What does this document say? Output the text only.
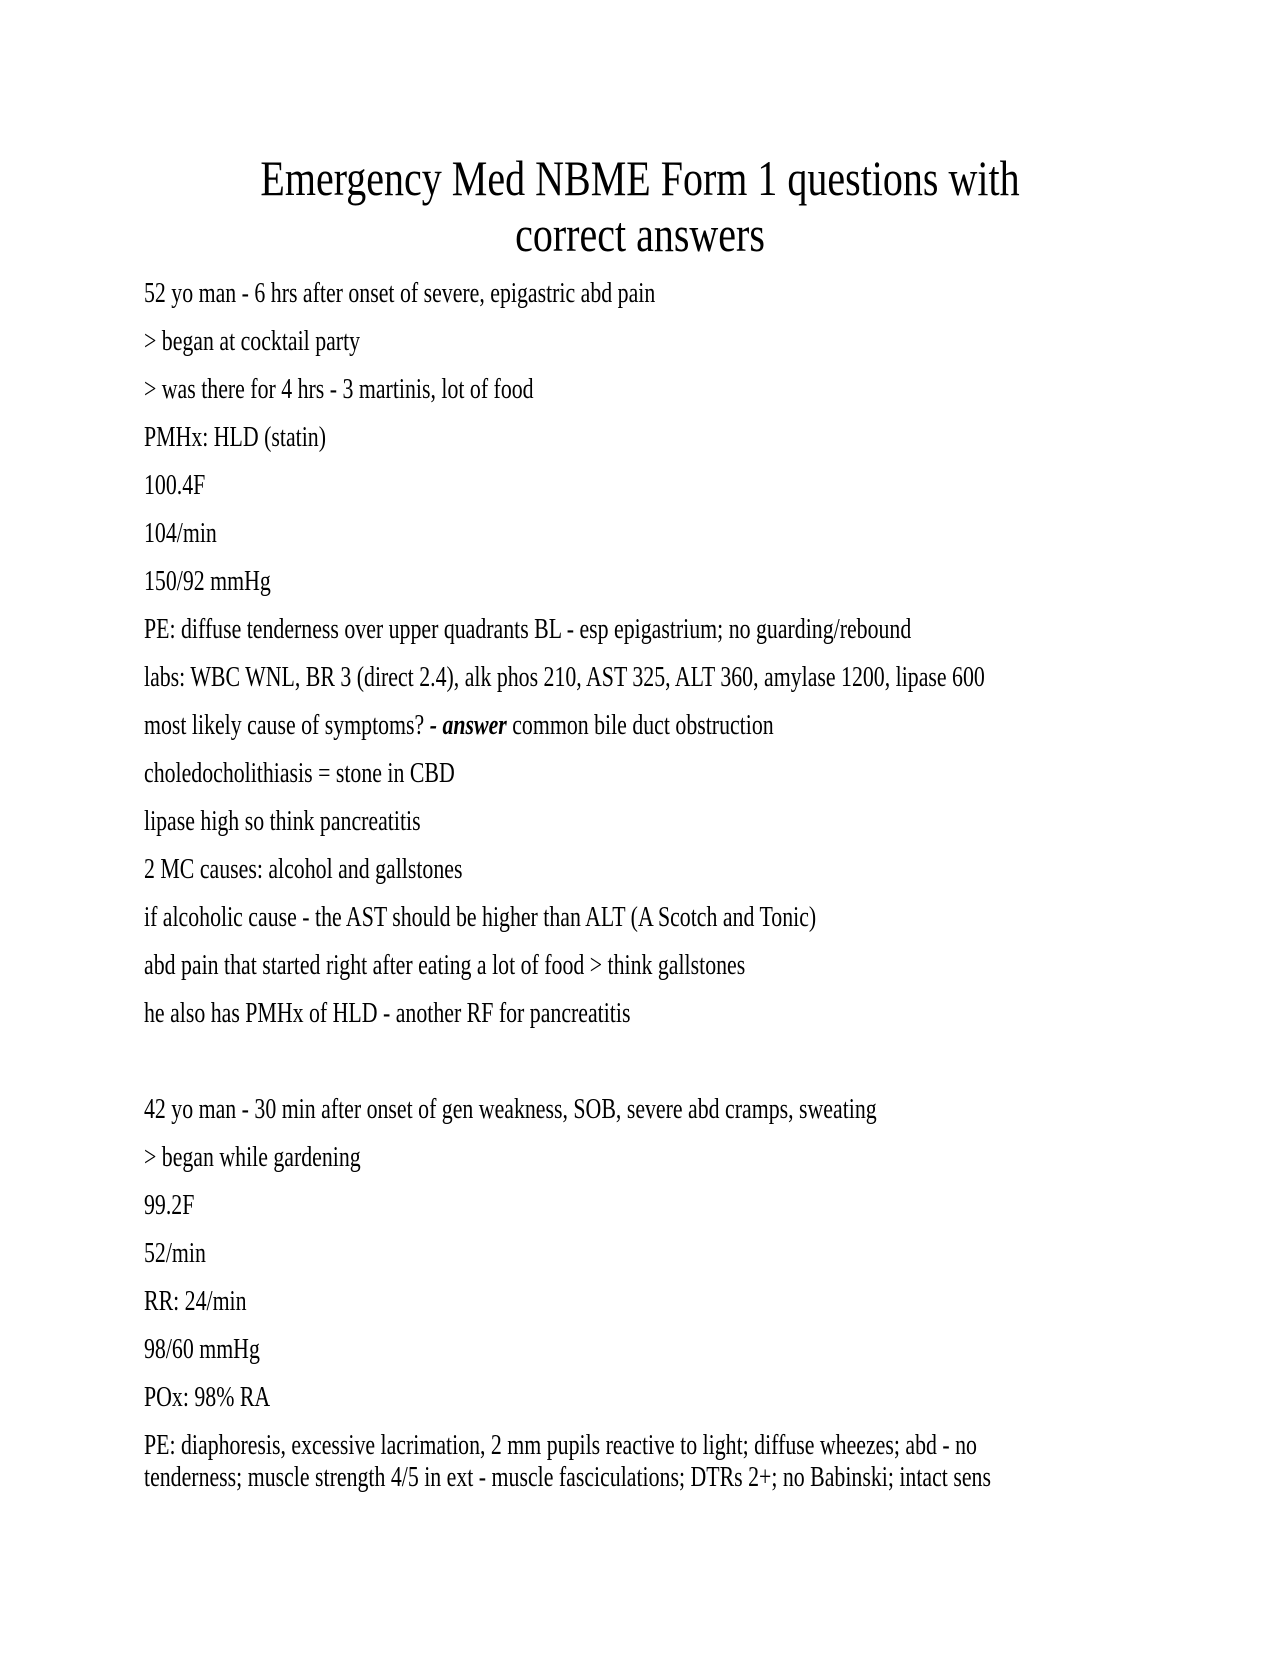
Emergency Med NBME Form 1 questions with
correct answers
52 yo man - 6 hrs after onset of severe, epigastric abd pain
> began at cocktail party
> was there for 4 hrs - 3 martinis, lot of food
PMHx: HLD (statin)
100.4F
104/min
150/92 mmHg
PE: diffuse tenderness over upper quadrants BL - esp epigastrium; no guarding/rebound
labs: WBC WNL, BR 3 (direct 2.4), alk phos 210, AST 325, ALT 360, amylase 1200, lipase 600
most likely cause of symptoms? - answer common bile duct obstruction
choledocholithiasis = stone in CBD
lipase high so think pancreatitis
2 MC causes: alcohol and gallstones
if alcoholic cause - the AST should be higher than ALT (A Scotch and Tonic)
abd pain that started right after eating a lot of food > think gallstones
he also has PMHx of HLD - another RF for pancreatitis
42 yo man - 30 min after onset of gen weakness, SOB, severe abd cramps, sweating
> began while gardening
99.2F
52/min
RR: 24/min
98/60 mmHg
POx: 98% RA
PE: diaphoresis, excessive lacrimation, 2 mm pupils reactive to light; diffuse wheezes; abd - no
tenderness; muscle strength 4/5 in ext - muscle fasciculations; DTRs 2+; no Babinski; intact sens
